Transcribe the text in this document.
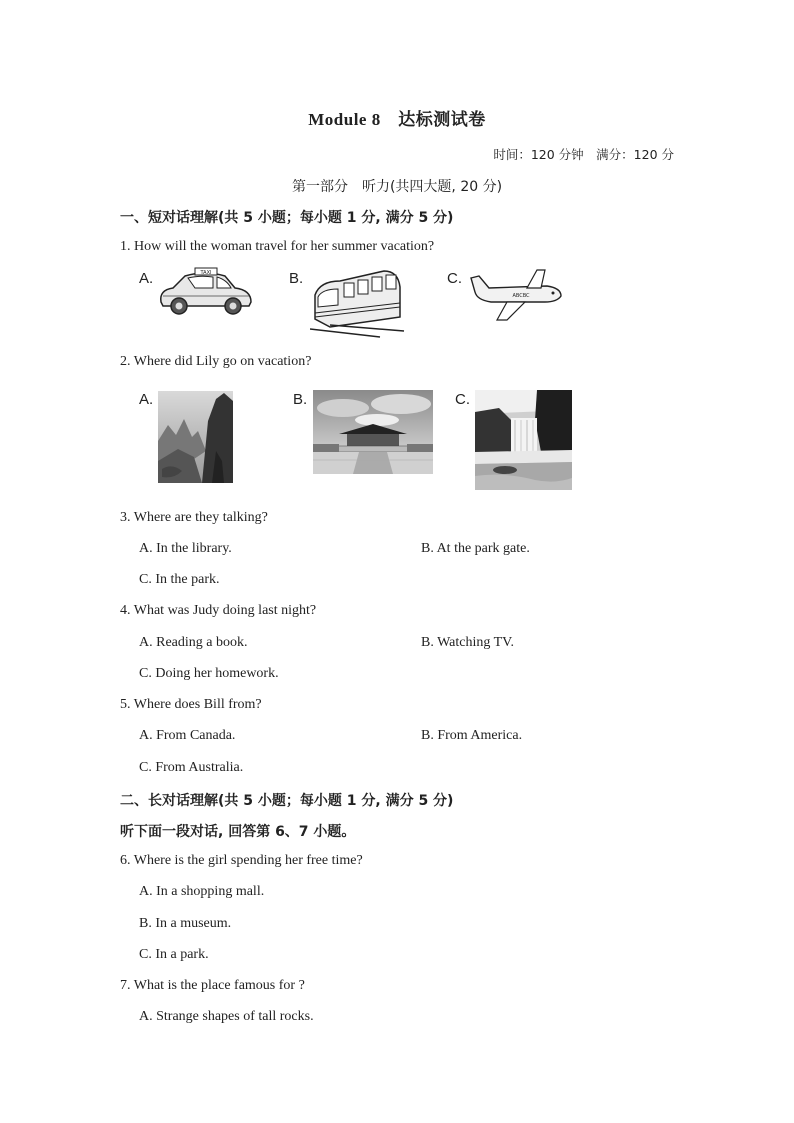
Module 8　达标测试卷
时间：120 分钟　满分：120 分
第一部分　听力(共四大题, 20 分)
一、短对话理解(共 5 小题；每小题 1 分, 满分 5 分)
1. How will the woman travel for her summer vacation?
A.	B.	C.
TAXI
ABCBC
2. Where did Lily go on vacation?
A.	B.	C.
3. Where are they talking?
A. In the library.	B. At the park gate.
C. In the park.
4. What was Judy doing last night?
A. Reading a book.	B. Watching TV.
C. Doing her homework.
5. Where does Bill from?
A. From Canada.	B. From America.
C. From Australia.
二、长对话理解(共 5 小题；每小题 1 分, 满分 5 分)
听下面一段对话, 回答第 6、7 小题。
6. Where is the girl spending her free time?
A. In a shopping mall.
B. In a museum.
C. In a park.
7. What is the place famous for ?
A. Strange shapes of tall rocks.
